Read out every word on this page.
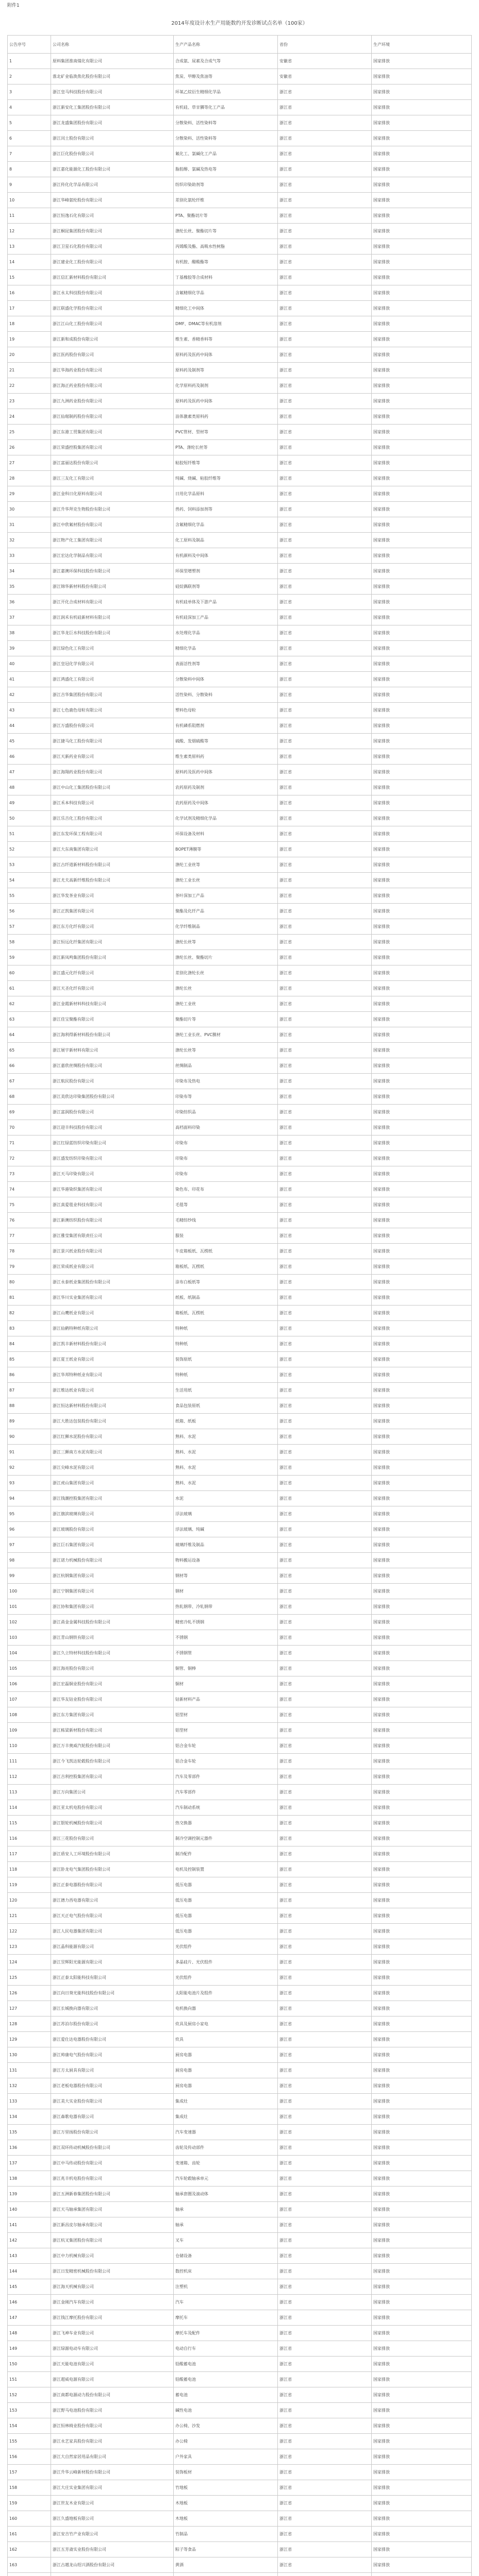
附件1
2014年度设计水生产用能数约开发诊断试点名单（100家）
公告序号	公司名称	生产产品名称	省份	生产环境
1	原料集团淮南煤化有限公司	合成氨、尿素及合成气等	安徽省	国家排放
2	淮北矿业临涣焦化股份有限公司	焦炭、甲醇及焦油等	安徽省	国家排放
3	浙江皇马科技股份有限公司	环氧乙烷衍生精细化学品	浙江省	国家排放
4	浙江新安化工集团股份有限公司	有机硅、草甘膦等化工产品	浙江省	国家排放
5	浙江龙盛集团股份有限公司	分散染料、活性染料等	浙江省	国家排放
6	浙江闰土股份有限公司	分散染料、活性染料等	浙江省	国家排放
7	浙江巨化股份有限公司	氟化工、氯碱化工产品	浙江省	国家排放
8	浙江嘉化能源化工股份有限公司	脂肪醇、氯碱及热电等	浙江省	国家排放
9	浙江传化化学品有限公司	纺织印染助剂等	浙江省	国家排放
10	浙江华峰氨纶股份有限公司	差别化氨纶纤维	浙江省	国家排放
11	浙江恒逸石化有限公司	PTA、聚酯切片等	浙江省	国家排放
12	浙江桐昆集团股份有限公司	涤纶长丝、聚酯切片等	浙江省	国家排放
13	浙江卫星石化股份有限公司	丙烯酸及酯、高吸水性树脂	浙江省	国家排放
14	浙江建业化工股份有限公司	有机胺、醋酸酯等	浙江省	国家排放
15	浙江信汇新材料股份有限公司	丁基橡胶等合成材料	浙江省	国家排放
16	浙江永太科技股份有限公司	含氟精细化学品	浙江省	国家排放
17	浙江联盛化学股份有限公司	精细化工中间体	浙江省	国家排放
18	浙江江山化工股份有限公司	DMF、DMAC等有机溶剂	浙江省	国家排放
19	浙江新和成股份有限公司	维生素、香精香料等	浙江省	国家排放
20	浙江医药股份有限公司	原料药及医药中间体	浙江省	国家排放
21	浙江华海药业股份有限公司	原料药及制剂等	浙江省	国家排放
22	浙江海正药业股份有限公司	化学原料药及制剂	浙江省	国家排放
23	浙江九洲药业股份有限公司	原料药及医药中间体	浙江省	国家排放
24	浙江仙琚制药股份有限公司	甾体激素类原料药	浙江省	国家排放
25	浙江东港工贸集团有限公司	PVC管材、型材等	浙江省	国家排放
26	浙江荣盛控股集团有限公司	PTA、涤纶长丝等	浙江省	国家排放
27	浙江富丽达股份有限公司	粘胶短纤维等	浙江省	国家排放
28	浙江三友化工有限公司	纯碱、烧碱、粘胶纤维等	浙江省	国家排放
29	浙江金科日化原料有限公司	日用化学品原料	浙江省	国家排放
30	浙江升华拜克生物股份有限公司	兽药、饲料添加剂等	浙江省	国家排放
31	浙江中欣氟材股份有限公司	含氟精细化学品	浙江省	国家排放
32	浙江物产化工集团有限公司	化工原料及制品	浙江省	国家排放
33	浙江宏达化学制品有限公司	有机颜料及中间体	浙江省	国家排放
34	浙江嘉澳环保科技股份有限公司	环保型增塑剂	浙江省	国家排放
35	浙江锦华新材料股份有限公司	硅烷偶联剂等	浙江省	国家排放
36	浙江开化合成材料有限公司	有机硅单体及下游产品	浙江省	国家排放
37	浙江润禾有机硅新材料有限公司	有机硅深加工产品	浙江省	国家排放
38	浙江华龙巨水科技股份有限公司	水处理化学品	浙江省	国家排放
39	浙江绿色化工有限公司	精细化学品	浙江省	国家排放
40	浙江皇冠化学有限公司	表面活性剂等	浙江省	国家排放
41	浙江鸿盛化工有限公司	分散染料中间体	浙江省	国家排放
42	浙江吉华集团股份有限公司	活性染料、分散染料	浙江省	国家排放
43	浙江七色鹿色母粒有限公司	塑料色母粒	浙江省	国家排放
44	浙江万盛股份有限公司	有机磷系阻燃剂	浙江省	国家排放
45	浙江捷马化工股份有限公司	硫酸、发烟硫酸等	浙江省	国家排放
46	浙江天新药业有限公司	维生素类原料药	浙江省	国家排放
47	浙江海翔药业股份有限公司	原料药及医药中间体	浙江省	国家排放
48	浙江中山化工集团股份有限公司	农药原药及制剂	浙江省	国家排放
49	浙江禾本科技有限公司	农药原药及中间体	浙江省	国家排放
50	浙江乐吉化工股份有限公司	化学试剂及精细化学品	浙江省	国家排放
51	浙江东发环保工程有限公司	环保设备及材料	浙江省	国家排放
52	浙江大东南集团有限公司	BOPET薄膜等	浙江省	国家排放
53	浙江古纤道新材料股份有限公司	涤纶工业丝等	浙江省	国家排放
54	浙江尤夫高新纤维股份有限公司	涤纶工业长丝	浙江省	国家排放
55	浙江华发茶业有限公司	茶叶深加工产品	浙江省	国家排放
56	浙江正凯集团有限公司	聚酯及化纤产品	浙江省	国家排放
57	浙江东方化纤有限公司	化学纤维制品	浙江省	国家排放
58	浙江恒远化纤集团有限公司	涤纶长丝等	浙江省	国家排放
59	浙江新凤鸣集团股份有限公司	涤纶长丝、聚酯切片	浙江省	国家排放
60	浙江盛元化纤有限公司	差别化涤纶长丝	浙江省	国家排放
61	浙江天圣化纤有限公司	涤纶长丝	浙江省	国家排放
62	浙江金霞新材料科技有限公司	涤纶工业丝	浙江省	国家排放
63	浙江佳宝聚酯有限公司	聚酯切片等	浙江省	国家排放
64	浙江海利得新材料股份有限公司	涤纶工业长丝、PVC膜材	浙江省	国家排放
65	浙江展宇新材料有限公司	涤纶长丝等	浙江省	国家排放
66	浙江嘉欣丝绸股份有限公司	丝绸制品	浙江省	国家排放
67	浙江航民股份有限公司	印染布及热电	浙江省	国家排放
68	浙江美欣达印染集团股份有限公司	印染布等	浙江省	国家排放
69	浙江富润股份有限公司	印染纺织品	浙江省	国家排放
70	浙江迎丰科技股份有限公司	高档面料印染	浙江省	国家排放
71	浙江红绿蓝纺织印染有限公司	印染布	浙江省	国家排放
72	浙江盛发纺织印染有限公司	印染布	浙江省	国家排放
73	浙江天马印染有限公司	印染布	浙江省	国家排放
74	浙江华港染织集团有限公司	染色布、印花布	浙江省	国家排放
75	浙江真爱毯业科技有限公司	毛毯等	浙江省	国家排放
76	浙江新澳纺织股份有限公司	毛精纺纱线	浙江省	国家排放
77	浙江雅莹集团有限责任公司	服装	浙江省	国家排放
78	浙江景兴纸业股份有限公司	牛皮箱板纸、瓦楞纸	浙江省	国家排放
79	浙江荣成纸业有限公司	箱板纸、瓦楞纸	浙江省	国家排放
80	浙江永泰纸业集团股份有限公司	涂布白板纸等	浙江省	国家排放
81	浙江华川实业集团有限公司	纸板、纸制品	浙江省	国家排放
82	浙江山鹰纸业有限公司	箱板纸、瓦楞纸	浙江省	国家排放
83	浙江仙鹤特种纸有限公司	特种纸	浙江省	国家排放
84	浙江凯丰新材料股份有限公司	特种纸	浙江省	国家排放
85	浙江夏王纸业有限公司	装饰原纸	浙江省	国家排放
86	浙江华邦特种纸业有限公司	特种纸	浙江省	国家排放
87	浙江维达纸业有限公司	生活用纸	浙江省	国家排放
88	浙江恒达新材料股份有限公司	食品包装原纸	浙江省	国家排放
89	浙江大胜达包装股份有限公司	纸箱、纸板	浙江省	国家排放
90	浙江红狮水泥股份有限公司	熟料、水泥	浙江省	国家排放
91	浙江三狮南方水泥有限公司	熟料、水泥	浙江省	国家排放
92	浙江尖峰水泥有限公司	熟料、水泥	浙江省	国家排放
93	浙江虎山集团有限公司	熟料、水泥	浙江省	国家排放
94	浙江钱潮控股集团有限公司	水泥	浙江省	国家排放
95	浙江旗滨玻璃有限公司	浮法玻璃	浙江省	国家排放
96	浙江玻璃股份有限公司	浮法玻璃、纯碱	浙江省	国家排放
97	浙江巨石集团有限公司	玻璃纤维及制品	浙江省	国家排放
98	浙江诺力机械股份有限公司	物料搬运设备	浙江省	国家排放
99	浙江杭钢集团有限公司	钢材等	浙江省	国家排放
100	浙江宁钢集团有限公司	钢材	浙江省	国家排放
101	浙江协和集团有限公司	热轧钢带、冷轧钢带	浙江省	国家排放
102	浙江甬金金属科技股份有限公司	精密冷轧不锈钢	浙江省	国家排放
103	浙江青山钢铁有限公司	不锈钢	浙江省	国家排放
104	浙江久立特材科技股份有限公司	不锈钢管	浙江省	国家排放
105	浙江海亮股份有限公司	铜管、铜棒	浙江省	国家排放
106	浙江宏磊铜业股份有限公司	铜材	浙江省	国家排放
107	浙江华友钴业股份有限公司	钴新材料产品	浙江省	国家排放
108	浙江东方集团有限公司	铝型材	浙江省	国家排放
109	浙江栋梁新材股份有限公司	铝型材	浙江省	国家排放
110	浙江万丰奥威汽轮股份有限公司	铝合金车轮	浙江省	国家排放
111	浙江今飞凯达轮毂股份有限公司	铝合金车轮	浙江省	国家排放
112	浙江吉利控股集团有限公司	汽车及零部件	浙江省	国家排放
113	浙江万向集团公司	汽车零部件	浙江省	国家排放
114	浙江亚太机电股份有限公司	汽车制动系统	浙江省	国家排放
115	浙江银轮机械股份有限公司	热交换器	浙江省	国家排放
116	浙江三花股份有限公司	制冷空调控制元器件	浙江省	国家排放
117	浙江盾安人工环境股份有限公司	制冷配件	浙江省	国家排放
118	浙江卧龙电气集团股份有限公司	电机及控制装置	浙江省	国家排放
119	浙江正泰电器股份有限公司	低压电器	浙江省	国家排放
120	浙江德力西电器有限公司	低压电器	浙江省	国家排放
121	浙江天正电气股份有限公司	低压电器	浙江省	国家排放
122	浙江人民电器集团有限公司	低压电器	浙江省	国家排放
123	浙江晶科能源有限公司	光伏组件	浙江省	国家排放
124	浙江昱辉阳光能源有限公司	多晶硅片、光伏组件	浙江省	国家排放
125	浙江正泰太阳能科技有限公司	光伏组件	浙江省	国家排放
126	浙江向日葵光能科技股份有限公司	太阳能电池片及组件	浙江省	国家排放
127	浙江长城换向器有限公司	电机换向器	浙江省	国家排放
128	浙江苏泊尔股份有限公司	炊具及厨房小家电	浙江省	国家排放
129	浙江爱仕达电器股份有限公司	炊具	浙江省	国家排放
130	浙江帅康电气股份有限公司	厨房电器	浙江省	国家排放
131	浙江方太厨具有限公司	厨房电器	浙江省	国家排放
132	浙江老板电器股份有限公司	厨房电器	浙江省	国家排放
133	浙江美大实业股份有限公司	集成灶	浙江省	国家排放
134	浙江森歌电器有限公司	集成灶	浙江省	国家排放
135	浙江万里扬股份有限公司	汽车变速器	浙江省	国家排放
136	浙江双环传动机械股份有限公司	齿轮及传动部件	浙江省	国家排放
137	浙江中马传动股份有限公司	变速箱、齿轮	浙江省	国家排放
138	浙江兆丰机电股份有限公司	汽车轮毂轴承单元	浙江省	国家排放
139	浙江五洲新春集团股份有限公司	轴承套圈及滚动体	浙江省	国家排放
140	浙江天马轴承集团有限公司	轴承	浙江省	国家排放
141	浙江新昌皮尔轴承有限公司	轴承	浙江省	国家排放
142	浙江杭叉集团股份有限公司	叉车	浙江省	国家排放
143	浙江中力机械有限公司	仓储设备	浙江省	国家排放
144	浙江日发精密机械股份有限公司	数控机床	浙江省	国家排放
145	浙江海天机械有限公司	注塑机	浙江省	国家排放
146	浙江金刚汽车有限公司	汽车	浙江省	国家排放
147	浙江钱江摩托股份有限公司	摩托车	浙江省	国家排放
148	浙江飞神车业有限公司	摩托车及配件	浙江省	国家排放
149	浙江绿源电动车有限公司	电动自行车	浙江省	国家排放
150	浙江天能电池有限公司	铅酸蓄电池	浙江省	国家排放
151	浙江超威电源有限公司	铅酸蓄电池	浙江省	国家排放
152	浙江南都电源动力股份有限公司	蓄电池	浙江省	国家排放
153	浙江野马电池股份有限公司	碱性电池	浙江省	国家排放
154	浙江恒林椅业股份有限公司	办公椅、沙发	浙江省	国家排放
155	浙江永艺家具股份有限公司	办公椅	浙江省	国家排放
156	浙江大自然家居用品有限公司	户外家具	浙江省	国家排放
157	浙江升华云峰新材股份有限公司	装饰板材	浙江省	国家排放
158	浙江大庄实业集团有限公司	竹地板	浙江省	国家排放
159	浙江世友木业有限公司	木地板	浙江省	国家排放
160	浙江久盛地板有限公司	木地板	浙江省	国家排放
161	浙江安吉竹产业有限公司	竹制品	浙江省	国家排放
162	浙江五芳斋实业股份有限公司	粽子等食品	浙江省	国家排放
163	浙江古越龙山绍兴酒股份有限公司	黄酒	浙江省	国家排放
